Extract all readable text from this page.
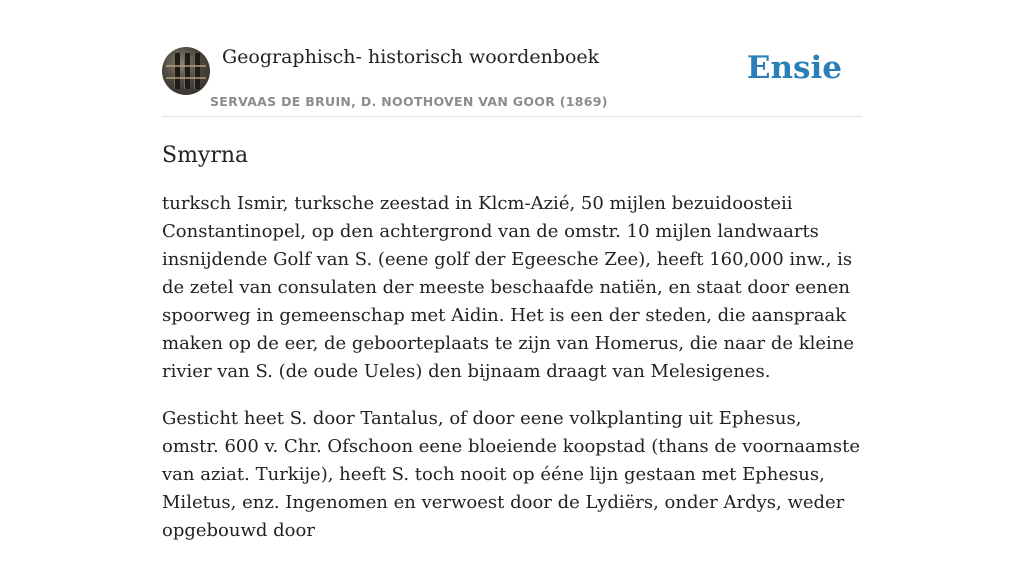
Geographisch- historisch woordenboek
SERVAAS DE BRUIN, D. NOOTHOVEN VAN GOOR (1869)
Ensie
Smyrna

turksch Ismir, turksche zeestad in Klcm-Azié, 50 mijlen bezuidoosteii Constantinopel, op den achtergrond van de omstr. 10 mijlen landwaarts insnijdende Golf van S. (eene golf der Egeesche Zee), heeft 160,000 inw., is de zetel van consulaten der meeste beschaafde natiën, en staat door eenen spoorweg in gemeenschap met Aidin. Het is een der steden, die aanspraak maken op de eer, de geboorteplaats te zijn van Homerus, die naar de kleine rivier van S. (de oude Ueles) den bijnaam draagt van Melesigenes.

Gesticht heet S. door Tantalus, of door eene volkplanting uit Ephesus, omstr. 600 v. Chr. Ofschoon eene bloeiende koopstad (thans de voornaamste van aziat. Turkije), heeft S. toch nooit op ééne lijn gestaan met Ephesus, Miletus, enz. Ingenomen en verwoest door de Lydiërs, onder Ardys, weder opgebouwd door
